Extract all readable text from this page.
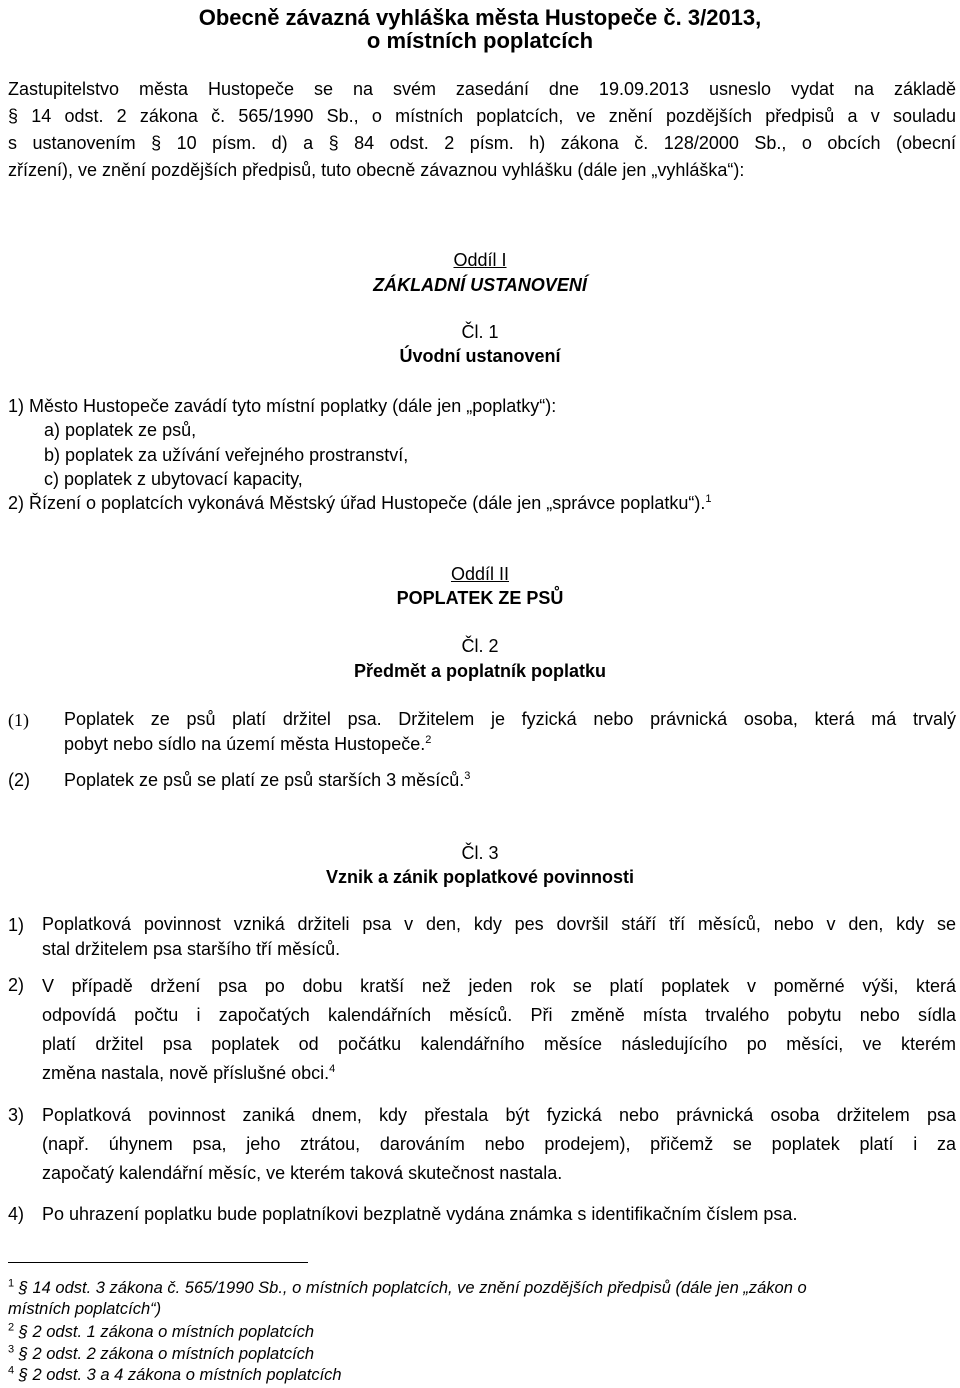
Obecně závazná vyhláška města Hustopeče č. 3/2013,
o místních poplatcích
Zastupitelstvo města Hustopeče se na svém zasedání dne 19.09.2013 usneslo vydat na základě
§ 14 odst. 2 zákona č. 565/1990 Sb., o místních poplatcích, ve znění pozdějších předpisů a v souladu
s ustanovením § 10 písm. d) a § 84 odst. 2 písm. h) zákona č. 128/2000 Sb., o obcích (obecní
zřízení), ve znění pozdějších předpisů, tuto obecně závaznou vyhlášku (dále jen „vyhláška“):
Oddíl I
ZÁKLADNÍ USTANOVENÍ
Čl. 1
Úvodní ustanovení
1) Město Hustopeče zavádí tyto místní poplatky (dále jen „poplatky“):
a) poplatek ze psů,
b) poplatek za užívání veřejného prostranství,
c) poplatek z ubytovací kapacity,
2) Řízení o poplatcích vykonává Městský úřad Hustopeče (dále jen „správce poplatku“).$^1$
Oddíl II
POPLATEK ZE PSŮ
Čl. 2
Předmět a poplatník poplatku
(1) Poplatek ze psů platí držitel psa. Držitelem je fyzická nebo právnická osoba, která má trvalý
pobyt nebo sídlo na území města Hustopeče.$^2$
(2) Poplatek ze psů se platí ze psů starších 3 měsíců.$^3$
Čl. 3
Vznik a zánik poplatkové povinnosti
1) Poplatková povinnost vzniká držiteli psa v den, kdy pes dovršil stáří tří měsíců, nebo v den, kdy se
stal držitelem psa staršího tří měsíců.
2) V případě držení psa po dobu kratší než jeden rok se platí poplatek v poměrné výši, která
odpovídá počtu i započatých kalendářních měsíců. Při změně místa trvalého pobytu nebo sídla
platí držitel psa poplatek od počátku kalendářního měsíce následujícího po měsíci, ve kterém
změna nastala, nově příslušné obci.$^4$
3) Poplatková povinnost zaniká dnem, kdy přestala být fyzická nebo právnická osoba držitelem psa
(např. úhynem psa, jeho ztrátou, darováním nebo prodejem), přičemž se poplatek platí i za
započatý kalendářní měsíc, ve kterém taková skutečnost nastala.
4) Po uhrazení poplatku bude poplatníkovi bezplatně vydána známka s identifikačním číslem psa.
$^1$ § 14 odst. 3 zákona č. 565/1990 Sb., o místních poplatcích, ve znění pozdějších předpisů (dále jen „zákon o
místních poplatcích“)
$^2$ § 2 odst. 1 zákona o místních poplatcích
$^3$ § 2 odst. 2 zákona o místních poplatcích
$^4$ § 2 odst. 3 a 4 zákona o místních poplatcích
